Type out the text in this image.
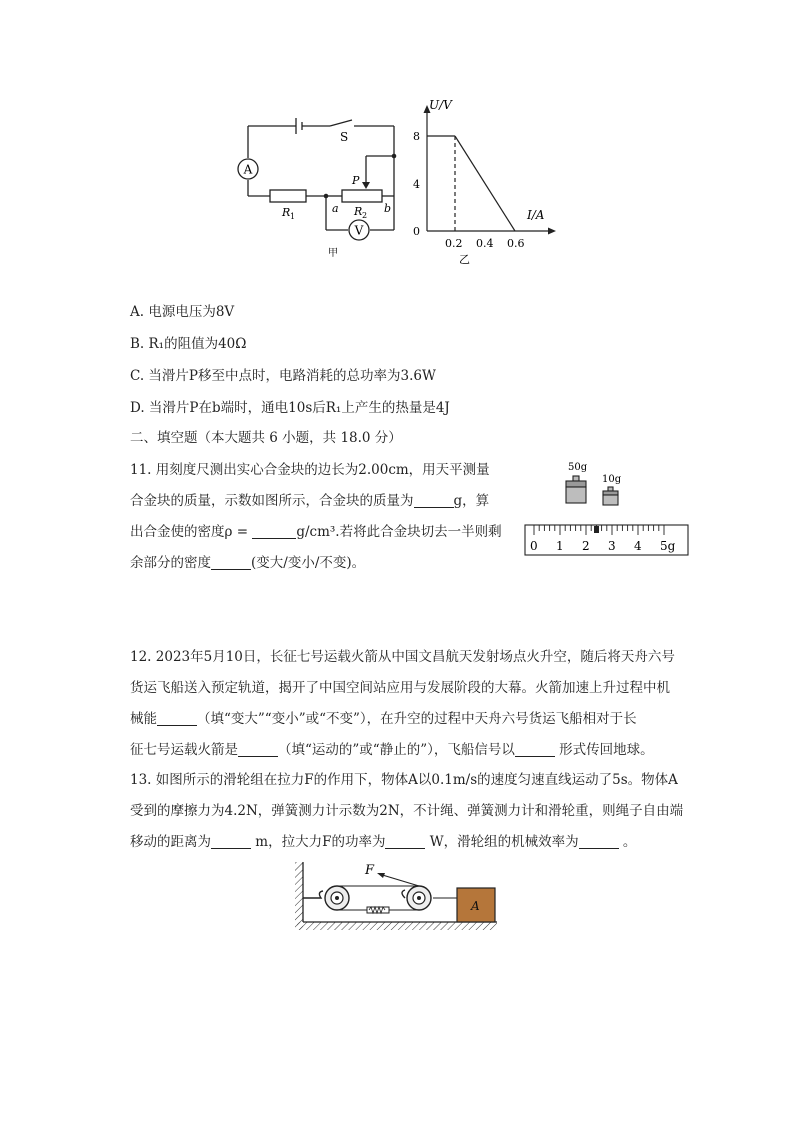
A
V
S
R 1	R 2
a	b
P
甲
U/V
I/A
8
4
0
0.2 0.4 0.6
乙
A. 电源电压为8V
B. R₁的阻值为40Ω
C. 当滑片P移至中点时，电路消耗的总功率为3.6W
D. 当滑片P在b端时，通电10s后R₁上产生的热量是4J
二、填空题（本大题共 6 小题，共 18.0 分）
11. 用刻度尺测出实心合金块的边长为2.00cm，用天平测量
合金块的质量，示数如图所示，合金块的质量为	g，算
出合金使的密度ρ =	g/cm³.若将此合金块切去一半则剩
余部分的密度	(变大/变小/不变)。
50g
10g
0 1 2 3 4 5g
12. 2023年5月10日，长征七号运载火箭从中国文昌航天发射场点火升空，随后将天舟六号
货运飞船送入预定轨道，揭开了中国空间站应用与发展阶段的大幕。火箭加速上升过程中机
械能	（填“变大”“变小”或“不变”），在升空的过程中天舟六号货运飞船相对于长
征七号运载火箭是	（填“运动的”或“静止的”），飞船信号以	形式传回地球。
13. 如图所示的滑轮组在拉力F的作用下，物体A以0.1m/s的速度匀速直线运动了5s。物体A
受到的摩擦力为4.2N，弹簧测力计示数为2N，不计绳、弹簧测力计和滑轮重，则绳子自由端
移动的距离为	m，拉大力F的功率为	W，滑轮组的机械效率为	。
F
A
